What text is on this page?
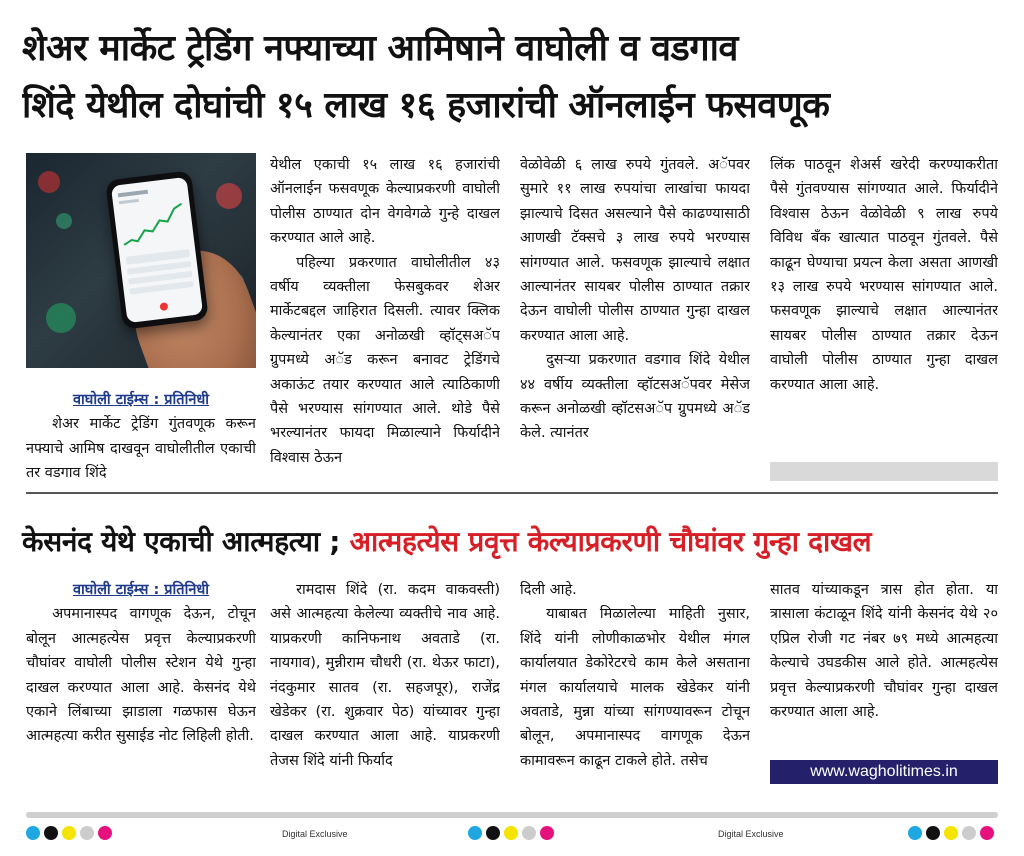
शेअर मार्केट ट्रेडिंग नफ्याच्या आमिषाने वाघोली व वडगाव
शिंदे येथील दोघांची १५ लाख १६ हजारांची ऑनलाईन फसवणूक

वाघोली टाईम्स : प्रतिनिधी

शेअर मार्केट ट्रेडिंग गुंतवणूक करून नफ्याचे आमिष दाखवून वाघोलीतील एकाची तर वडगाव शिंदे

येथील एकाची १५ लाख १६ हजारांची ऑनलाईन फसवणूक केल्याप्रकरणी वाघोली पोलीस ठाण्यात दोन वेगवेगळे गुन्हे दाखल करण्यात आले आहे.

पहिल्या प्रकरणात वाघोलीतील ४३ वर्षीय व्यक्तीला फेसबुकवर शेअर मार्केटबद्दल जाहिरात दिसली. त्यावर क्लिक केल्यानंतर एका अनोळखी व्हॉट्सअॅप ग्रुपमध्ये अॅड करून बनावट ट्रेडिंगचे अकाऊंट तयार करण्यात आले त्याठिकाणी पैसे भरण्यास सांगण्यात आले. थोडे पैसे भरल्यानंतर फायदा मिळाल्याने फिर्यादीने विश्वास ठेऊन

वेळोवेळी ६ लाख रुपये गुंतवले. अॅपवर सुमारे ११ लाख रुपयांचा लाखांचा फायदा झाल्याचे दिसत असल्याने पैसे काढण्यासाठी आणखी टॅक्सचे ३ लाख रुपये भरण्यास सांगण्यात आले. फसवणूक झाल्याचे लक्षात आल्यानंतर सायबर पोलीस ठाण्यात तक्रार देऊन वाघोली पोलीस ठाण्यात गुन्हा दाखल करण्यात आला आहे.

दुसऱ्या प्रकरणात वडगाव शिंदे येथील ४४ वर्षीय व्यक्तीला व्हॉटसअॅपवर मेसेज करून अनोळखी व्हॉटसअॅप ग्रुपमध्ये अॅड केले. त्यानंतर

लिंक पाठवून शेअर्स खरेदी करण्याकरीता पैसे गुंतवण्यास सांगण्यात आले. फिर्यादीने विश्वास ठेऊन वेळोवेळी ९ लाख रुपये विविध बँक खात्यात पाठवून गुंतवले. पैसे काढून घेण्याचा प्रयत्न केला असता आणखी १३ लाख रुपये भरण्यास सांगण्यात आले. फसवणूक झाल्याचे लक्षात आल्यानंतर सायबर पोलीस ठाण्यात तक्रार देऊन वाघोली पोलीस ठाण्यात गुन्हा दाखल करण्यात आला आहे.

केसनंद येथे एकाची आत्महत्या ; आत्महत्येस प्रवृत्त केल्याप्रकरणी चौघांवर गुन्हा दाखल

वाघोली टाईम्स : प्रतिनिधी

अपमानास्पद वागणूक देऊन, टोचून बोलून आत्महत्येस प्रवृत्त केल्याप्रकरणी चौघांवर वाघोली पोलीस स्टेशन येथे गुन्हा दाखल करण्यात आला आहे. केसनंद येथे एकाने लिंबाच्या झाडाला गळफास घेऊन आत्महत्या करीत सुसाईड नोट लिहिली होती.

रामदास शिंदे (रा. कदम वाकवस्ती) असे आत्महत्या केलेल्या व्यक्तीचे नाव आहे. याप्रकरणी कानिफनाथ अवताडे (रा. नायगाव), मुन्नीराम चौधरी (रा. थेऊर फाटा), नंदकुमार सातव (रा. सहजपूर), राजेंद्र खेडेकर (रा. शुक्रवार पेठ) यांच्यावर गुन्हा दाखल करण्यात आला आहे. याप्रकरणी तेजस शिंदे यांनी फिर्याद

दिली आहे.

याबाबत मिळालेल्या माहिती नुसार, शिंदे यांनी लोणीकाळभोर येथील मंगल कार्यालयात डेकोरेटरचे काम केले असताना मंगल कार्यालयाचे मालक खेडेकर यांनी अवताडे, मुन्ना यांच्या सांगण्यावरून टोचून बोलून, अपमानास्पद वागणूक देऊन कामावरून काढून टाकले होते. तसेच

सातव यांच्याकडून त्रास होत होता. या त्रासाला कंटाळून शिंदे यांनी केसनंद येथे २० एप्रिल रोजी गट नंबर ७९ मध्ये आत्महत्या केल्याचे उघडकीस आले होते. आत्महत्येस प्रवृत्त केल्याप्रकरणी चौघांवर गुन्हा दाखल करण्यात आला आहे.

www.wagholitimes.in
Digital Exclusive	Digital Exclusive
